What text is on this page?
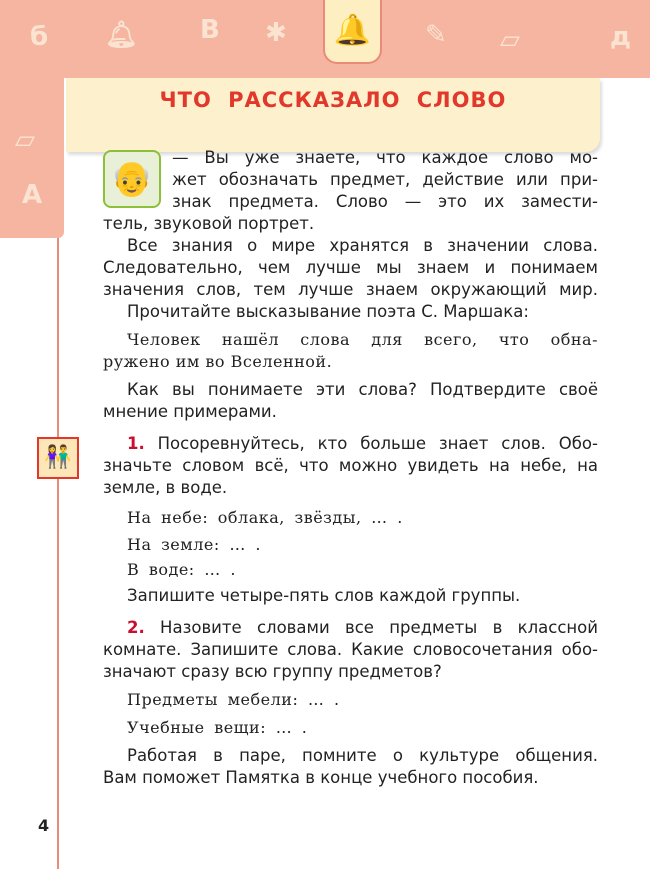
б 🔔︎ В ✱	✎ ▱	д
▱
А
🔔
ЧТО РАССКАЗАЛО СЛОВО
👴
— Вы уже знаете, что каждое слово мо-
жет обозначать предмет, действие или при-
знак предмета. Слово — это их замести-
тель, звуковой портрет.
Все знания о мире хранятся в значении слова.
Следовательно, чем лучше мы знаем и понимаем
значения слов, тем лучше знаем окружающий мир.
Прочитайте высказывание поэта С. Маршака:
Человек нашёл слова для всего, что обна-
ружено им во Вселенной.
Как вы понимаете эти слова? Подтвердите своё
мнение примерами.
👫
1. Посоревнуйтесь, кто больше знает слов. Обо-
значьте словом всё, что можно увидеть на небе, на
земле, в воде.
На небе: облака, звёзды, … .
На земле: … .
В воде: … .
Запишите четыре-пять слов каждой группы.
2. Назовите словами все предметы в классной
комнате. Запишите слова. Какие словосочетания обо-
значают сразу всю группу предметов?
Предметы мебели: … .
Учебные вещи: … .
Работая в паре, помните о культуре общения.
Вам поможет Памятка в конце учебного пособия.
4
